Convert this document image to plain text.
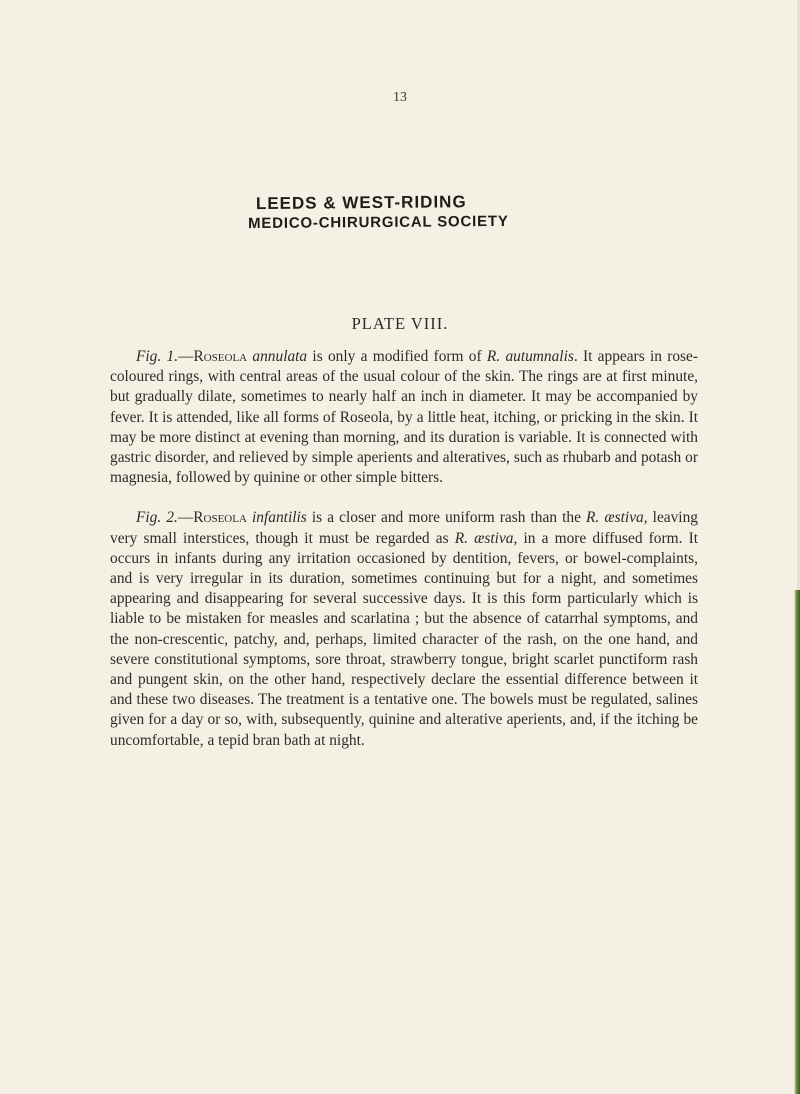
13
LEEDS & WEST-RIDING
MEDICO-CHIRURGICAL SOCIETY
PLATE VIII.

Fig. 1.—Roseola annulata is only a modified form of R. autumnalis. It appears in rose-coloured rings, with central areas of the usual colour of the skin. The rings are at first minute, but gradually dilate, sometimes to nearly half an inch in diameter. It may be accompanied by fever. It is attended, like all forms of Roseola, by a little heat, itching, or pricking in the skin. It may be more distinct at evening than morning, and its duration is variable. It is connected with gastric disorder, and relieved by simple aperients and alteratives, such as rhubarb and potash or magnesia, followed by quinine or other simple bitters.

Fig. 2.—Roseola infantilis is a closer and more uniform rash than the R. æstiva, leaving very small interstices, though it must be regarded as R. æstiva, in a more diffused form. It occurs in infants during any irritation occasioned by dentition, fevers, or bowel-complaints, and is very irregular in its duration, sometimes continuing but for a night, and sometimes appearing and disappearing for several successive days. It is this form particularly which is liable to be mistaken for measles and scarlatina ; but the absence of catarrhal symptoms, and the non-crescentic, patchy, and, perhaps, limited character of the rash, on the one hand, and severe constitutional symptoms, sore throat, strawberry tongue, bright scarlet punctiform rash and pungent skin, on the other hand, respectively declare the essential difference between it and these two diseases. The treatment is a tentative one. The bowels must be regulated, salines given for a day or so, with, subsequently, quinine and alterative aperients, and, if the itching be uncomfortable, a tepid bran bath at night.
